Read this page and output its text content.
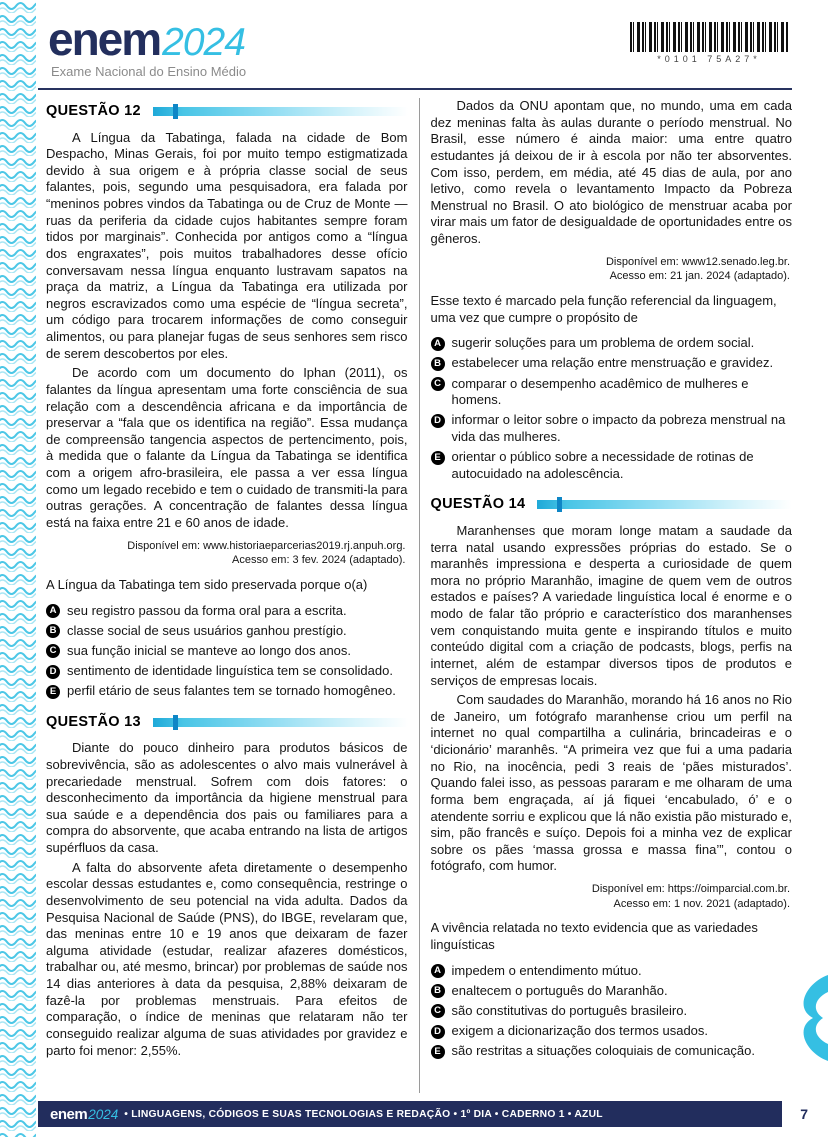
enem2024
Exame Nacional do Ensino Médio
*0101 75A27*
QUESTÃO 12

A Língua da Tabatinga, falada na cidade de Bom Despacho, Minas Gerais, foi por muito tempo estigmatizada devido à sua origem e à própria classe social de seus falantes, pois, segundo uma pesquisadora, era falada por “meninos pobres vindos da Tabatinga ou de Cruz de Monte — ruas da periferia da cidade cujos habitantes sempre foram tidos por marginais”. Conhecida por antigos como a “língua dos engraxates”, pois muitos trabalhadores desse ofício conversavam nessa língua enquanto lustravam sapatos na praça da matriz, a Língua da Tabatinga era utilizada por negros escravizados como uma espécie de “língua secreta”, um código para trocarem informações de como conseguir alimentos, ou para planejar fugas de seus senhores sem risco de serem descobertos por eles.

De acordo com um documento do Iphan (2011), os falantes da língua apresentam uma forte consciência de sua relação com a descendência africana e da importância de preservar a “fala que os identifica na região”. Essa mudança de compreensão tangencia aspectos de pertencimento, pois, à medida que o falante da Língua da Tabatinga se identifica com a origem afro-brasileira, ele passa a ver essa língua como um legado recebido e tem o cuidado de transmiti-la para outras gerações. A concentração de falantes dessa língua está na faixa entre 21 e 60 anos de idade.

Disponível em: www.historiaeparcerias2019.rj.anpuh.org.
Acesso em: 3 fev. 2024 (adaptado).

A Língua da Tabatinga tem sido preservada porque o(a)

A seu registro passou da forma oral para a escrita.
B classe social de seus usuários ganhou prestígio.
C sua função inicial se manteve ao longo dos anos.
D sentimento de identidade linguística tem se consolidado.
E perfil etário de seus falantes tem se tornado homogêneo.
QUESTÃO 13

Diante do pouco dinheiro para produtos básicos de sobrevivência, são as adolescentes o alvo mais vulnerável à precariedade menstrual. Sofrem com dois fatores: o desconhecimento da importância da higiene menstrual para sua saúde e a dependência dos pais ou familiares para a compra do absorvente, que acaba entrando na lista de artigos supérfluos da casa.

A falta do absorvente afeta diretamente o desempenho escolar dessas estudantes e, como consequência, restringe o desenvolvimento de seu potencial na vida adulta. Dados da Pesquisa Nacional de Saúde (PNS), do IBGE, revelaram que, das meninas entre 10 e 19 anos que deixaram de fazer alguma atividade (estudar, realizar afazeres domésticos, trabalhar ou, até mesmo, brincar) por problemas de saúde nos 14 dias anteriores à data da pesquisa, 2,88% deixaram de fazê-la por problemas menstruais. Para efeitos de comparação, o índice de meninas que relataram não ter conseguido realizar alguma de suas atividades por gravidez e parto foi menor: 2,55%.

Dados da ONU apontam que, no mundo, uma em cada dez meninas falta às aulas durante o período menstrual. No Brasil, esse número é ainda maior: uma entre quatro estudantes já deixou de ir à escola por não ter absorventes. Com isso, perdem, em média, até 45 dias de aula, por ano letivo, como revela o levantamento Impacto da Pobreza Menstrual no Brasil. O ato biológico de menstruar acaba por virar mais um fator de desigualdade de oportunidades entre os gêneros.

Disponível em: www12.senado.leg.br.
Acesso em: 21 jan. 2024 (adaptado).

Esse texto é marcado pela função referencial da linguagem, uma vez que cumpre o propósito de

A sugerir soluções para um problema de ordem social.
B estabelecer uma relação entre menstruação e gravidez.
C comparar o desempenho acadêmico de mulheres e homens.
D informar o leitor sobre o impacto da pobreza menstrual na vida das mulheres.
E orientar o público sobre a necessidade de rotinas de autocuidado na adolescência.
QUESTÃO 14

Maranhenses que moram longe matam a saudade da terra natal usando expressões próprias do estado. Se o maranhês impressiona e desperta a curiosidade de quem mora no próprio Maranhão, imagine de quem vem de outros estados e países? A variedade linguística local é enorme e o modo de falar tão próprio e característico dos maranhenses vem conquistando muita gente e inspirando títulos e muito conteúdo digital com a criação de podcasts, blogs, perfis na internet, além de estampar diversos tipos de produtos e serviços de empresas locais.

Com saudades do Maranhão, morando há 16 anos no Rio de Janeiro, um fotógrafo maranhense criou um perfil na internet no qual compartilha a culinária, brincadeiras e o ‘dicionário’ maranhês. “A primeira vez que fui a uma padaria no Rio, na inocência, pedi 3 reais de ‘pães misturados’. Quando falei isso, as pessoas pararam e me olharam de uma forma bem engraçada, aí já fiquei ‘encabulado, ó’ e o atendente sorriu e explicou que lá não existia pão misturado e, sim, pão francês e suíço. Depois foi a minha vez de explicar sobre os pães ‘massa grossa e massa fina’”, contou o fotógrafo, com humor.

Disponível em: https://oimparcial.com.br.
Acesso em: 1 nov. 2021 (adaptado).

A vivência relatada no texto evidencia que as variedades linguísticas

A impedem o entendimento mútuo.
B enaltecem o português do Maranhão.
C são constitutivas do português brasileiro.
D exigem a dicionarização dos termos usados.
E são restritas a situações coloquiais de comunicação.
enem 2024 • LINGUAGENS, CÓDIGOS E SUAS TECNOLOGIAS E REDAÇÃO • 1º DIA • CADERNO 1 • AZUL	7
